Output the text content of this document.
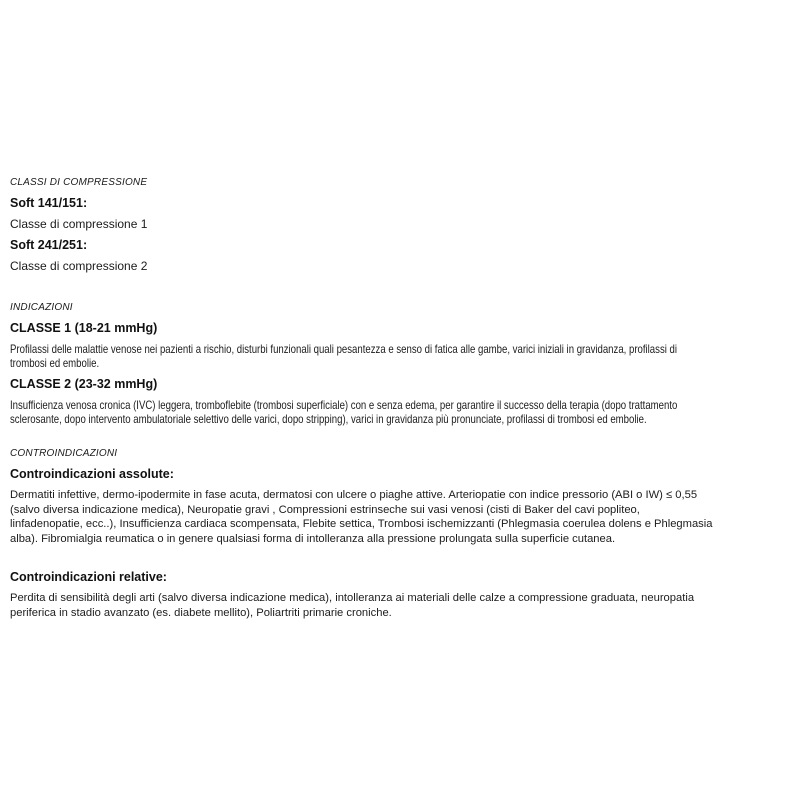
CLASSI DI COMPRESSIONE

Soft 141/151:

Classe di compressione 1

Soft 241/251:

Classe di compressione 2

INDICAZIONI

CLASSE 1 (18-21 mmHg)

Profilassi delle malattie venose nei pazienti a rischio, disturbi funzionali quali pesantezza e senso di fatica alle gambe, varici iniziali in gravidanza, profilassi di
trombosi ed embolie.

CLASSE 2 (23-32 mmHg)

Insufficienza venosa cronica (IVC) leggera, tromboflebite (trombosi superficiale) con e senza edema, per garantire il successo della terapia (dopo trattamento
sclerosante, dopo intervento ambulatoriale selettivo delle varici, dopo stripping), varici in gravidanza più pronunciate, profilassi di trombosi ed embolie.

CONTROINDICAZIONI

Controindicazioni assolute:

Dermatiti infettive, dermo-ipodermite in fase acuta, dermatosi con ulcere o piaghe attive. Arteriopatie con indice pressorio (ABI o IW) ≤ 0,55
(salvo diversa indicazione medica), Neuropatie gravi , Compressioni estrinseche sui vasi venosi (cisti di Baker del cavi popliteo,
linfadenopatie, ecc..), Insufficienza cardiaca scompensata, Flebite settica, Trombosi ischemizzanti (Phlegmasia coerulea dolens e Phlegmasia
alba). Fibromialgia reumatica o in genere qualsiasi forma di intolleranza alla pressione prolungata sulla superficie cutanea.

Controindicazioni relative:

Perdita di sensibilità degli arti (salvo diversa indicazione medica), intolleranza ai materiali delle calze a compressione graduata, neuropatia
periferica in stadio avanzato (es. diabete mellito), Poliartriti primarie croniche.
